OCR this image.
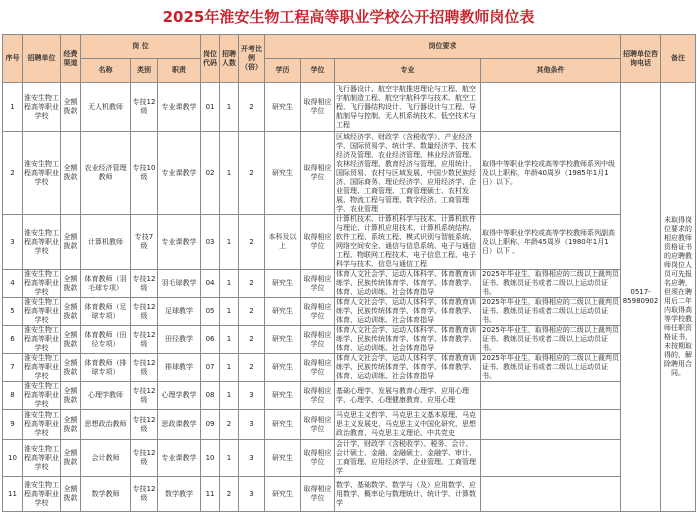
2025年淮安生物工程高等职业学校公开招聘教师岗位表
序号	招聘单位	经费渠道	岗 位			岗位代码	招聘人数	开考比例（倍）	岗位要求				招聘单位咨询电话	备注
			名称	类别	职责				学历	学位	专业	其他条件		
1	淮安生物工程高等职业学校	全额拨款	无人机教师	专技12级	专业课教学	01	1	2	研究生	取得相应学位	飞行器设计、航空宇航推进理论与工程、航空宇航制造工程、航空宇航科学与技术、航空工程、飞行器结构设计、飞行器设计与工程、导航制导与控制、无人机系统技术、低空技术与工程		0517-85980902	未取得岗位要求的相应教师资格证书的应聘教师岗位人员可先报名应聘，但须在聘用后二年内取得高等学校教师任职资格证书，未按期取得的，解除聘用合同。
2	淮安生物工程高等职业学校	全额拨款	农业经济管理教师	专技10级	专业课教学	02	1	2	研究生	取得相应学位	区域经济学、财政学（含税收学）、产业经济学、国际贸易学、统计学、数量经济学、技术经济及管理、农业经济管理、林业经济管理、农林经济管理、教育经济与管理、应用统计、国际贸易、农村与区域发展、中国少数民族经济、国际商务、理论经济学、应用经济学、企业管理、工商管理、工商管理硕士、农村发展、物流工程与管理、数字经济、工商管理学、农业管理	取得中等职业学校或高等学校教师系列中级及以上职称，年龄40周岁（1985年1月1日）以下。		
3	淮安生物工程高等职业学校	全额拨款	计算机教师	专技7级	专业课教学	03	1	2	本科及以上	取得相应学位	计算机技术、计算机科学与技术、计算机软件与理论、计算机应用技术、计算机系统结构、软件工程、系统工程、模式识别与智能系统、网络空间安全、通信与信息系统、电子与通信工程、物联网工程技术、电子信息工程、电子科学与技术、信息与通信工程	取得中等职业学校或高等学校教师系列副高及以上职称，年龄45周岁（1980年1月1日）以下 。		
4	淮安生物工程高等职业学校	全额拨款	体育教师（羽毛球专项）	专技12级	羽毛球教学	04	1	2	研究生	取得相应学位	体育人文社会学、运动人体科学、体育教育训练学、民族传统体育学、体育学、体育教学、体育、运动训练、社会体育指导	2025年毕业生，取得相应的二级以上裁判员证书、教练员证书或者二级以上运动员证书。		
5	淮安生物工程高等职业学校	全额拨款	体育教师（足球专项）	专技12级	足球教学	05	1	2	研究生	取得相应学位	体育人文社会学、运动人体科学、体育教育训练学、民族传统体育学、体育学、体育教学、体育、运动训练、社会体育指导	2025年毕业生，取得相应的二级以上裁判员证书、教练员证书或者二级以上运动员证书。		
6	淮安生物工程高等职业学校	全额拨款	体育教师（田径专项）	专技12级	田径教学	06	1	2	研究生	取得相应学位	体育人文社会学、运动人体科学、体育教育训练学、民族传统体育学、体育学、体育教学、体育、运动训练、社会体育指导	2025年毕业生，取得相应的二级以上裁判员证书、教练员证书或者二级以上运动员证书。		
7	淮安生物工程高等职业学校	全额拨款	体育教师（排球专项）	专技12级	排球教学	07	1	2	研究生	取得相应学位	体育人文社会学、运动人体科学、体育教育训练学、民族传统体育学、体育学、体育教学、体育、运动训练、社会体育指导	2025年毕业生，取得相应的二级以上裁判员证书、教练员证书或者二级以上运动员证书。		
8	淮安生物工程高等职业学校	全额拨款	心理学教师	专技12级	心理学教学	08	1	3	研究生	取得相应学位	基础心理学、发展与教育心理学、应用心理学、心理学、心理健康教育、应用心理			
9	淮安生物工程高等职业学校	全额拨款	思想政治教师	专技12级	思政课教学	09	2	3	研究生	取得相应学位	马克思主义哲学、马克思主义基本原理、马克思主义发展史、马克思主义中国化研究、思想政治教育、马克思主义理论、中共党史			
10	淮安生物工程高等职业学校	全额拨款	会计教师	专技12级	专业课教学	10	1	3	研究生	取得相应学位	会计学、财政学（含税收学）、税务、会计、会计硕士、金融、金融硕士、金融学、审计、工商管理、应用经济学、企业管理、工商管理学			
11	淮安生物工程高等职业学校	全额拨款	数学教师	专技12级	数学教学	11	2	3	研究生	取得相应学位	数学、基础数学、数学与（及）应用数学、应用数学、概率论与数理统计、统计学、计算数学			
